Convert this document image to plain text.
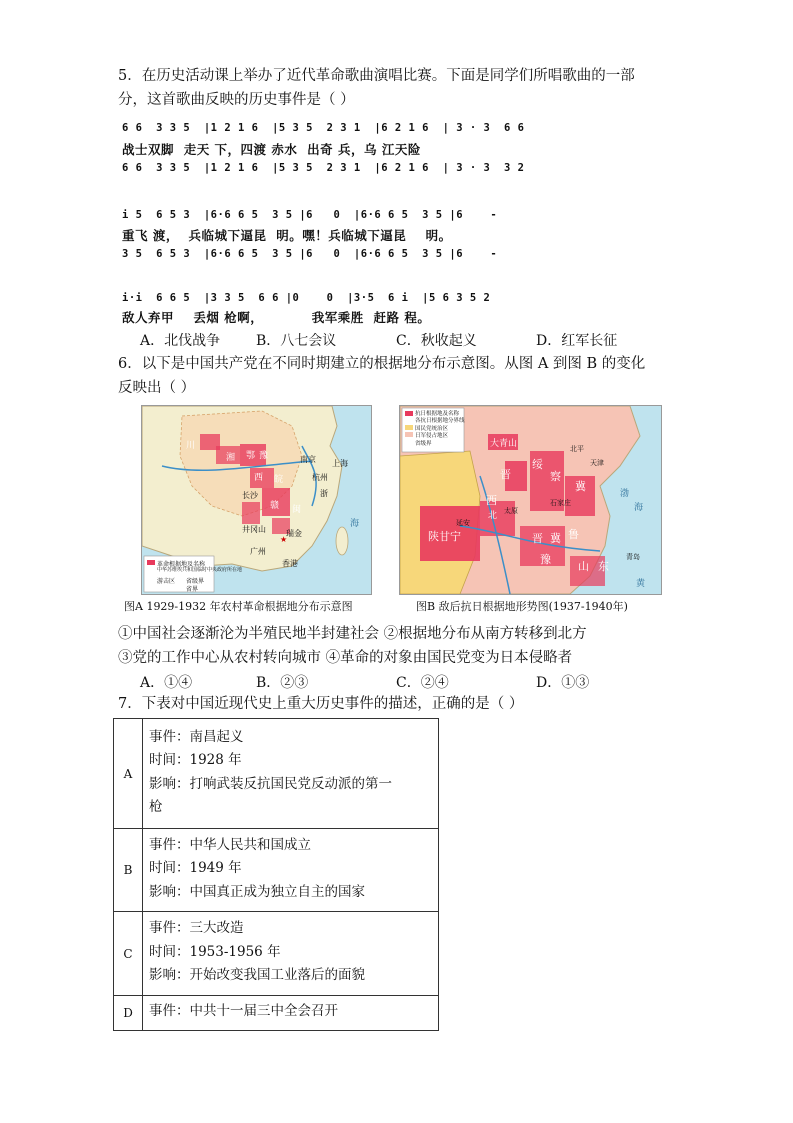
5．在历史活动课上举办了近代革命歌曲演唱比赛。下面是同学们所唱歌曲的一部
分，这首歌曲反映的历史事件是（ ）
6 6  3 3 5  |1 2 1 6  |5 3 5  2 3 1  |6 2 1 6  | 3 · 3  6 6
战士双脚  走天 下，四渡 赤水  出奇 兵，乌 江天险
6 6  3 3 5  |1 2 1 6  |5 3 5  2 3 1  |6 2 1 6  | 3 · 3  3 2
i 5  6 5 3  |6·6 6 5  3 5 |6   0  |6·6 6 5  3 5 |6    -
重飞 渡，  兵临城下逼昆  明。嘿！兵临城下逼昆    明。
3 5  6 5 3  |6·6 6 5  3 5 |6   0  |6·6 6 5  3 5 |6    -
i·i  6 6 5  |3 3 5  6 6 |0    0  |3·5  6 i  |5 6 3 5 2
敌人弃甲    丢烟 枪啊，          我军乘胜  赶路 程。
A．北伐战争	B．八七会议	C．秋收起义	D．红军长征
6．以下是中国共产党在不同时期建立的根据地分布示意图。从图 A 到图 B 的变化
反映出（ ）
★
川
湘 鄂 豫
皖
西
赣
南京 上海
杭州
长沙
井冈山
广州
香港
海
闽
浙
瑞金
革命根据地及名称
中华苏维埃共和国临时中央政府所在地
游击区 省级界
省界
图A 1929-1932 年农村革命根据地分布示意图
大青山
晋
绥
察
冀
西
北
陕甘宁	晋 冀 鲁
豫
山 东
延安
太原
北平
天津
石家庄
青岛
渤
海
黄
抗日根据地及名称
各抗日根据地分界线
国民党统治区
日军侵占地区
省级界
图B 敌后抗日根据地形势图(1937-1940年)
①中国社会逐渐沦为半殖民地半封建社会 ②根据地分布从南方转移到北方
③党的工作中心从农村转向城市 ④革命的对象由国民党变为日本侵略者
A．①④	B．②③	C．②④	D．①③
7．下表对中国近现代史上重大历史事件的描述，正确的是（ ）
A	事件：南昌起义
时间：1928 年
影响：打响武装反抗国民党反动派的第一
枪

B	事件：中华人民共和国成立
时间：1949 年
影响：中国真正成为独立自主的国家

C	事件：三大改造
时间：1953-1956 年
影响：开始改变我国工业落后的面貌

D	事件：中共十一届三中全会召开
